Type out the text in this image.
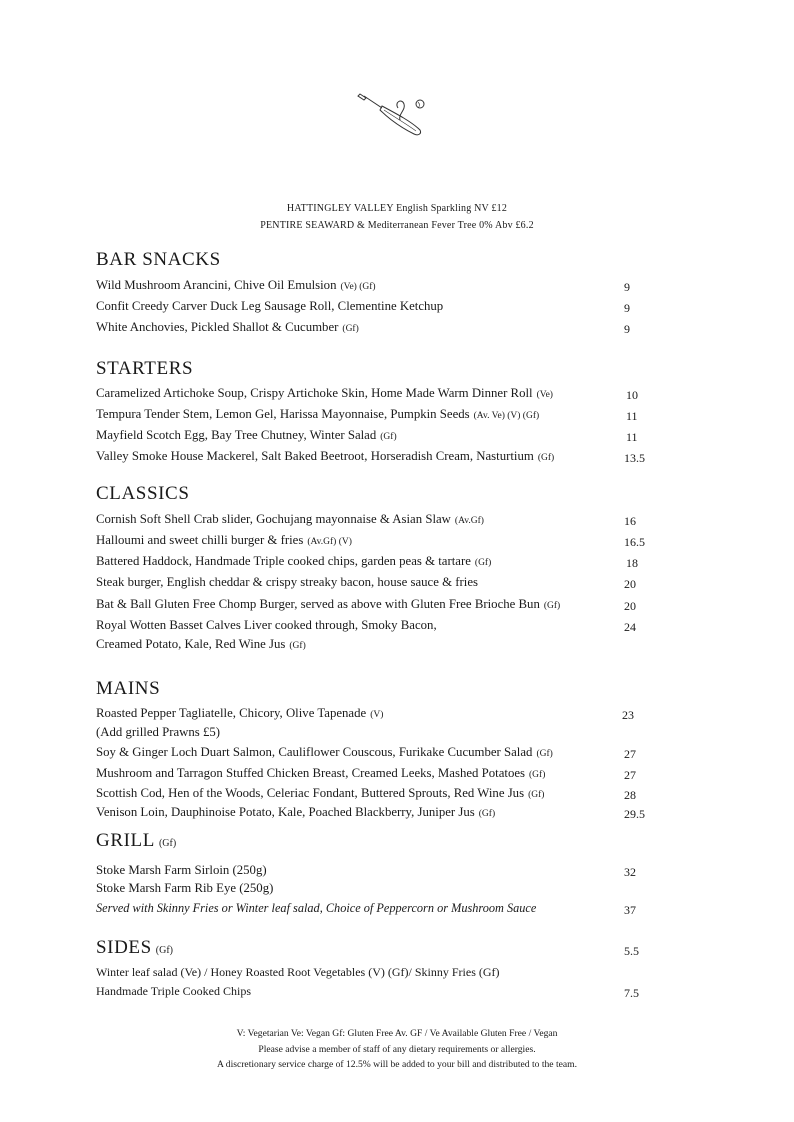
HATTINGLEY VALLEY English Sparkling NV £12
PENTIRE SEAWARD & Mediterranean Fever Tree 0% Abv £6.2
BAR SNACKS
Wild Mushroom Arancini, Chive Oil Emulsion (Ve) (Gf)	9
Confit Creedy Carver Duck Leg Sausage Roll, Clementine Ketchup	9
White Anchovies, Pickled Shallot & Cucumber (Gf)	9
STARTERS
Caramelized Artichoke Soup, Crispy Artichoke Skin, Home Made Warm Dinner Roll (Ve)	10
Tempura Tender Stem, Lemon Gel, Harissa Mayonnaise, Pumpkin Seeds (Av. Ve) (V) (Gf)	11
Mayfield Scotch Egg, Bay Tree Chutney, Winter Salad (Gf)	11
Valley Smoke House Mackerel, Salt Baked Beetroot, Horseradish Cream, Nasturtium (Gf)	13.5
CLASSICS
Cornish Soft Shell Crab slider, Gochujang mayonnaise & Asian Slaw (Av.Gf)	16
Halloumi and sweet chilli burger & fries (Av.Gf) (V)	16.5
Battered Haddock, Handmade Triple cooked chips, garden peas & tartare (Gf)	18
Steak burger, English cheddar & crispy streaky bacon, house sauce & fries	20
Bat & Ball Gluten Free Chomp Burger, served as above with Gluten Free Brioche Bun (Gf)	20
Royal Wotten Basset Calves Liver cooked through, Smoky Bacon,	24
Creamed Potato, Kale, Red Wine Jus (Gf)
MAINS
Roasted Pepper Tagliatelle, Chicory, Olive Tapenade (V)	23
(Add grilled Prawns £5)
Soy & Ginger Loch Duart Salmon, Cauliflower Couscous, Furikake Cucumber Salad (Gf)	27
Mushroom and Tarragon Stuffed Chicken Breast, Creamed Leeks, Mashed Potatoes (Gf)	27
Scottish Cod, Hen of the Woods, Celeriac Fondant, Buttered Sprouts, Red Wine Jus (Gf)	28
Venison Loin, Dauphinoise Potato, Kale, Poached Blackberry, Juniper Jus (Gf)	29.5
GRILL (Gf)
Stoke Marsh Farm Sirloin (250g)	32
Stoke Marsh Farm Rib Eye (250g)
Served with Skinny Fries or Winter leaf salad, Choice of Peppercorn or Mushroom Sauce	37
SIDES (Gf)	5.5
Winter leaf salad (Ve) / Honey Roasted Root Vegetables (V) (Gf)/ Skinny Fries (Gf)
Handmade Triple Cooked Chips	7.5
V: Vegetarian Ve: Vegan Gf: Gluten Free Av. GF / Ve Available Gluten Free / Vegan
Please advise a member of staff of any dietary requirements or allergies.
A discretionary service charge of 12.5% will be added to your bill and distributed to the team.
